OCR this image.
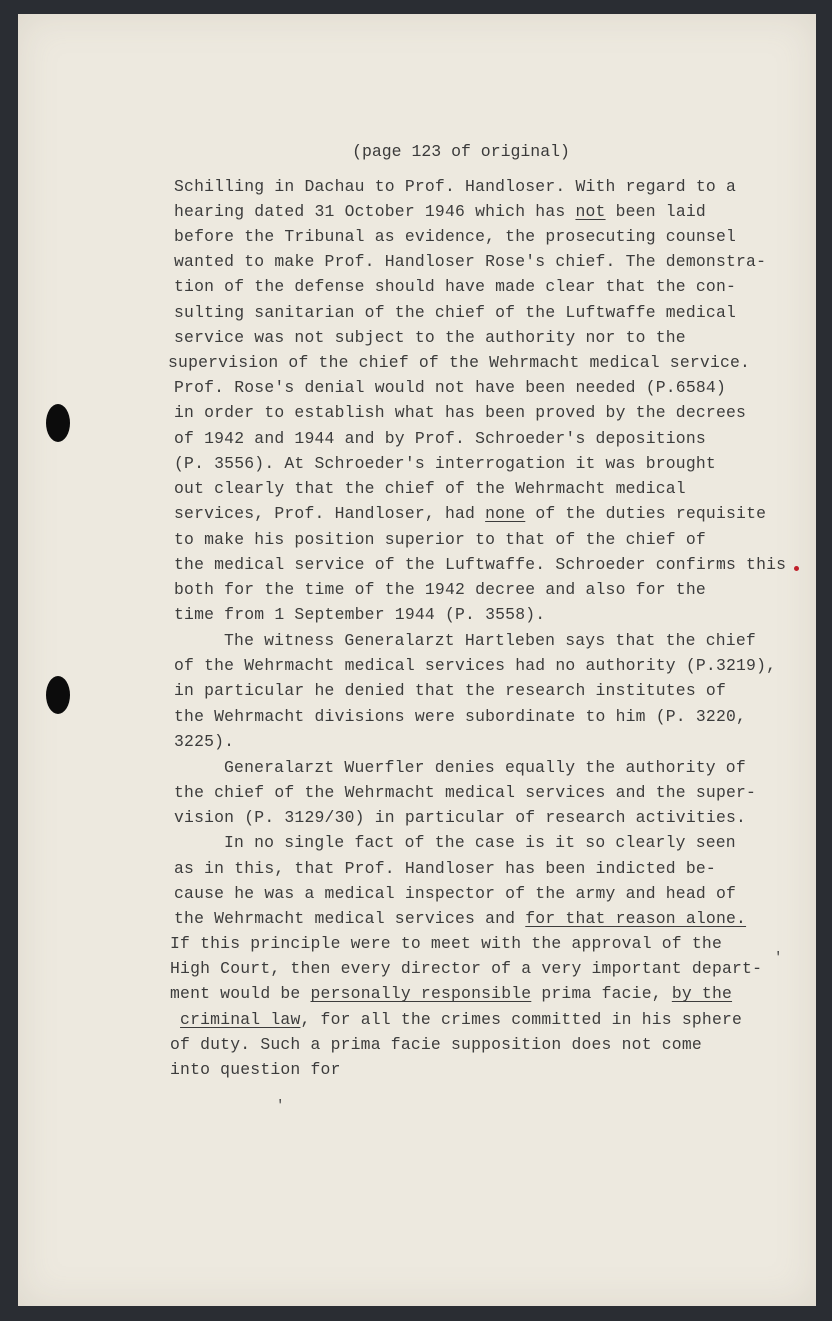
(page 123 of original)
Schilling in Dachau to Prof. Handloser. With regard to a
hearing dated 31 October 1946 which has not been laid
before the Tribunal as evidence, the prosecuting counsel
wanted to make Prof. Handloser Rose's chief. The demonstra-
tion of the defense should have made clear that the con-
sulting sanitarian of the chief of the Luftwaffe medical
service was not subject to the authority nor to the
supervision of the chief of the Wehrmacht medical service.
Prof. Rose's denial would not have been needed (P.6584)
in order to establish what has been proved by the decrees
of 1942 and 1944 and by Prof. Schroeder's depositions
(P. 3556). At Schroeder's interrogation it was brought
out clearly that the chief of the Wehrmacht medical
services, Prof. Handloser, had none of the duties requisite
to make his position superior to that of the chief of
the medical service of the Luftwaffe. Schroeder confirms this
both for the time of the 1942 decree and also for the
time from 1 September 1944 (P. 3558).
The witness Generalarzt Hartleben says that the chief
of the Wehrmacht medical services had no authority (P.3219),
in particular he denied that the research institutes of
the Wehrmacht divisions were subordinate to him (P. 3220,
3225).
Generalarzt Wuerfler denies equally the authority of
the chief of the Wehrmacht medical services and the super-
vision (P. 3129/30) in particular of research activities.
In no single fact of the case is it so clearly seen
as in this, that Prof. Handloser has been indicted be-
cause he was a medical inspector of the army and head of
the Wehrmacht medical services and for that reason alone.
If this principle were to meet with the approval of the
High Court, then every director of a very important depart-
ment would be personally responsible prima facie, by the
criminal law, for all the crimes committed in his sphere
of duty. Such a prima facie supposition does not come
into question for
'
'
